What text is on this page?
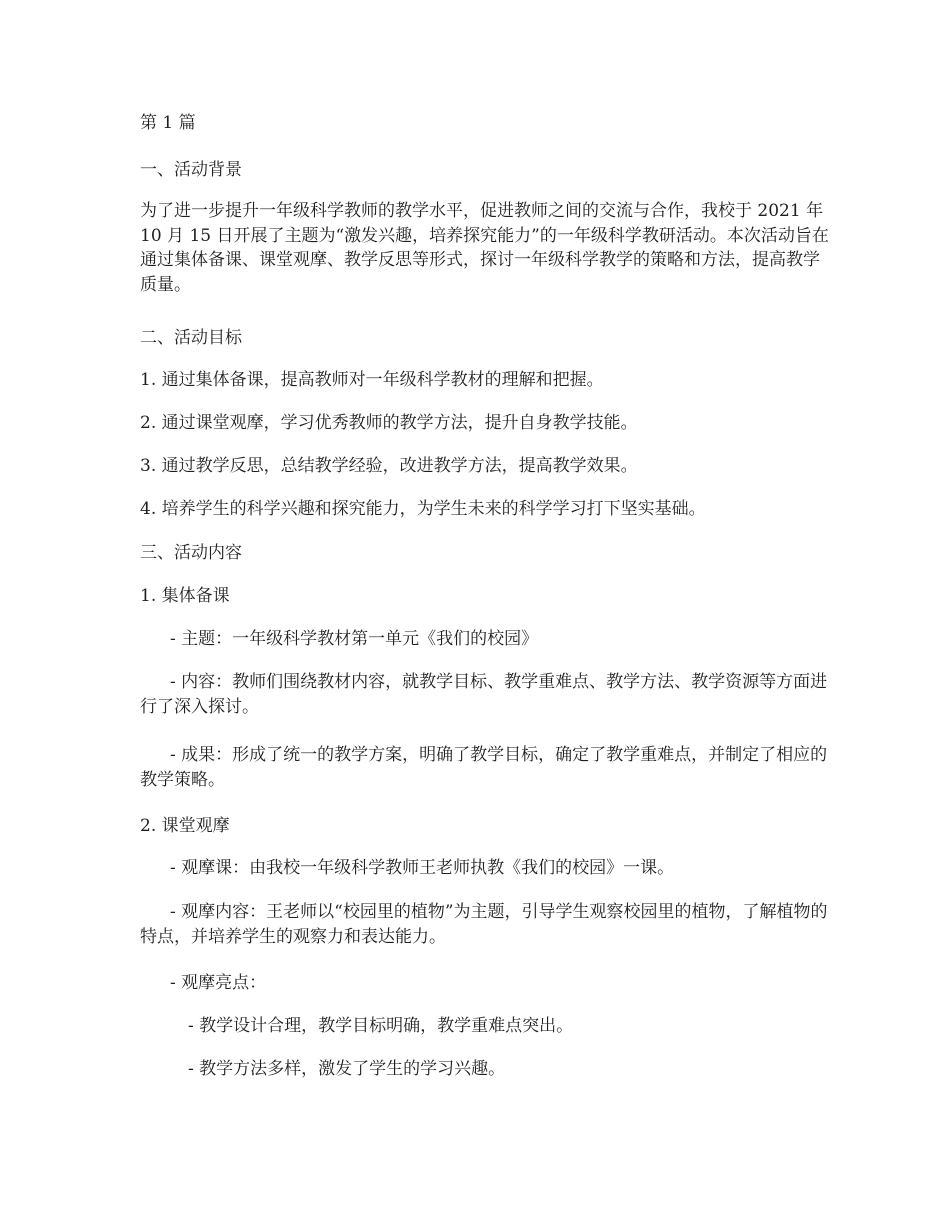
第 1 篇
一、活动背景
为了进一步提升一年级科学教师的教学水平，促进教师之间的交流与合作，我校于 2021 年 10 月 15 日开展了主题为“激发兴趣，培养探究能力”的一年级科学教研活动。本次活动旨在通过集体备课、课堂观摩、教学反思等形式，探讨一年级科学教学的策略和方法，提高教学质量。
二、活动目标
1. 通过集体备课，提高教师对一年级科学教材的理解和把握。
2. 通过课堂观摩，学习优秀教师的教学方法，提升自身教学技能。
3. 通过教学反思，总结教学经验，改进教学方法，提高教学效果。
4. 培养学生的科学兴趣和探究能力，为学生未来的科学学习打下坚实基础。
三、活动内容
1. 集体备课
- 主题：一年级科学教材第一单元《我们的校园》
- 内容：教师们围绕教材内容，就教学目标、教学重难点、教学方法、教学资源等方面进行了深入探讨。
- 成果：形成了统一的教学方案，明确了教学目标，确定了教学重难点，并制定了相应的教学策略。
2. 课堂观摩
- 观摩课：由我校一年级科学教师王老师执教《我们的校园》一课。
- 观摩内容：王老师以“校园里的植物”为主题，引导学生观察校园里的植物，了解植物的特点，并培养学生的观察力和表达能力。
- 观摩亮点：
- 教学设计合理，教学目标明确，教学重难点突出。
- 教学方法多样，激发了学生的学习兴趣。
